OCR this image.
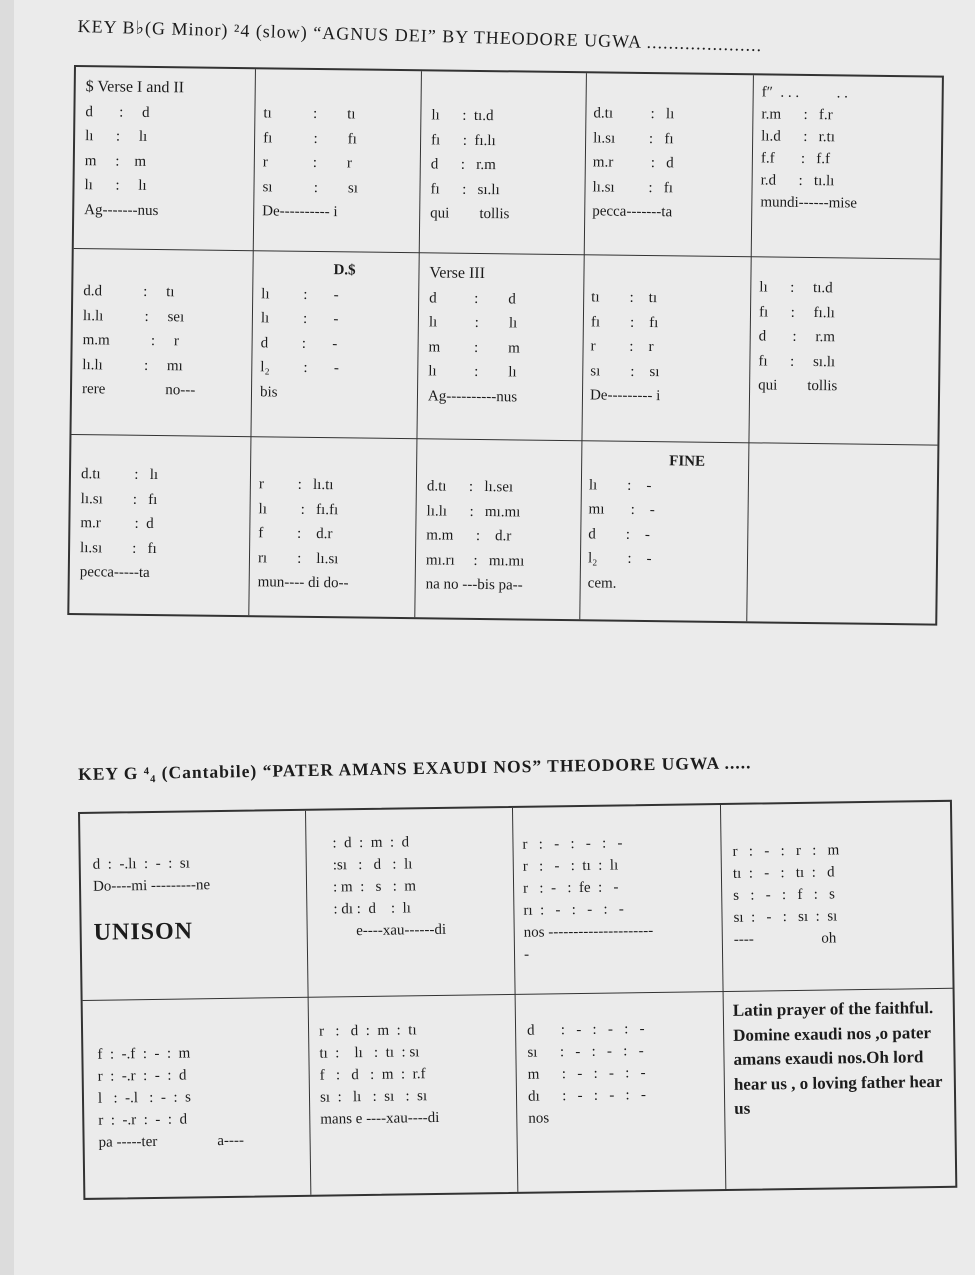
KEY B♭(G Minor) ²4 (slow) “AGNUS DEI” BY THEODORE UGWA .....................
$ Verse I and II
d       :     d
lı      :     lı
m     :    m
lı      :     lı
Ag-------nus
tı           :        tı
fı           :        fı
r            :        r
sı           :        sı
De---------- i
lı      :  tı.d
fı      :  fı.lı
d      :   r.m
fı      :   sı.lı
qui        tollis
d.tı          :   lı
lı.sı         :   fı
m.r          :   d
lı.sı         :   fı
pecca-------ta
f″  . . .          . .
r.m      :   f.r
lı.d      :   r.tı
f.f       :   f.f
r.d      :   tı.lı
mundi------mise
d.d           :     tı
lı.lı           :     seı
m.m           :     r
lı.lı           :     mı
rere                no---
D.$
lı         :       -
lı         :       -
d         :       -
l₂         :       -
bis
Verse III
d          :        d
lı          :        lı
m         :        m
lı          :        lı
Ag----------nus
tı        :    tı
fı        :    fı
r         :    r
sı        :    sı
De--------- i
lı      :     tı.d
fı      :     fı.lı
d       :     r.m
fı      :     sı.lı
qui        tollis
d.tı         :   lı
lı.sı        :   fı
m.r         :  d
lı.sı        :   fı
pecca-----ta
r         :   lı.tı
lı         :   fı.fı
f         :    d.r
rı        :    lı.sı
mun---- di do--
d.tı      :   lı.seı
lı.lı      :   mı.mı
m.m      :    d.r
mı.rı     :   mı.mı
na no ---bis pa--
FINE
lı        :    -
mı       :    -
d        :    -
l₂        :    -
cem.
KEY G ⁴₄ (Cantabile) “PATER AMANS EXAUDI NOS” THEODORE UGWA .....
d  :  -.lı  :  -  :  sı
Do----mi ---------ne
UNISON
:  d  :  m  :  d
:sı   :   d   :  lı
: m  :   s   :  m
: dı :  d    :  lı
e----xau------di
r   :   -   :   -   :   -
r   :   -   :  tı  :  lı
r   :  -   :  fe  :   -
rı  :   -   :   -   :   -
nos ---------------------
-
r   :   -   :   r   :   m
tı  :   -   :   tı  :   d
s   :   -   :   f   :   s
sı  :   -   :   sı  :  sı
----                  oh
f  :  -.f  :  -  :  m
r  :  -.r  :  -  :  d
l   :  -.l   :  -  :  s
r  :  -.r  :  -  :  d
pa -----ter                a----
r   :   d  :  m  :  tı
tı  :    lı   :  tı  : sı
f   :   d   :  m  :  r.f
sı  :   lı   :  sı   :  sı
mans e ----xau----di
d       :   -   :   -   :   -
sı      :   -   :   -   :   -
m      :   -   :   -   :   -
dı      :   -   :   -   :   -
nos
Latin prayer of the faithful. Domine exaudi nos ,o pater amans exaudi nos.Oh lord hear us , o loving father hear us
